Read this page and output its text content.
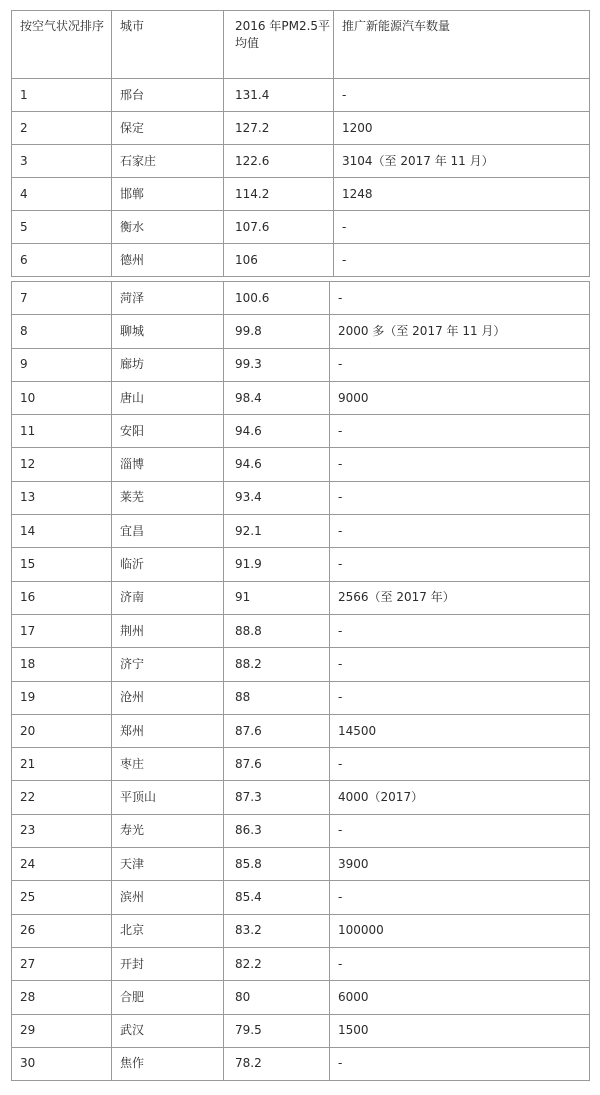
按空气状况排序	城市	2016 年PM2.5平均值	推广新能源汽车数量
1	邢台	131.4	-
2	保定	127.2	1200
3	石家庄	122.6	3104（至 2017 年 11 月）
4	邯郸	114.2	1248
5	衡水	107.6	-
6	德州	106	-
7	菏泽	100.6	-
8	聊城	99.8	2000 多（至 2017 年 11 月）
9	廊坊	99.3	-
10	唐山	98.4	9000
11	安阳	94.6	-
12	淄博	94.6	-
13	莱芜	93.4	-
14	宜昌	92.1	-
15	临沂	91.9	-
16	济南	91	2566（至 2017 年）
17	荆州	88.8	-
18	济宁	88.2	-
19	沧州	88	-
20	郑州	87.6	14500
21	枣庄	87.6	-
22	平顶山	87.3	4000（2017）
23	寿光	86.3	-
24	天津	85.8	3900
25	滨州	85.4	-
26	北京	83.2	100000
27	开封	82.2	-
28	合肥	80	6000
29	武汉	79.5	1500
30	焦作	78.2	-
